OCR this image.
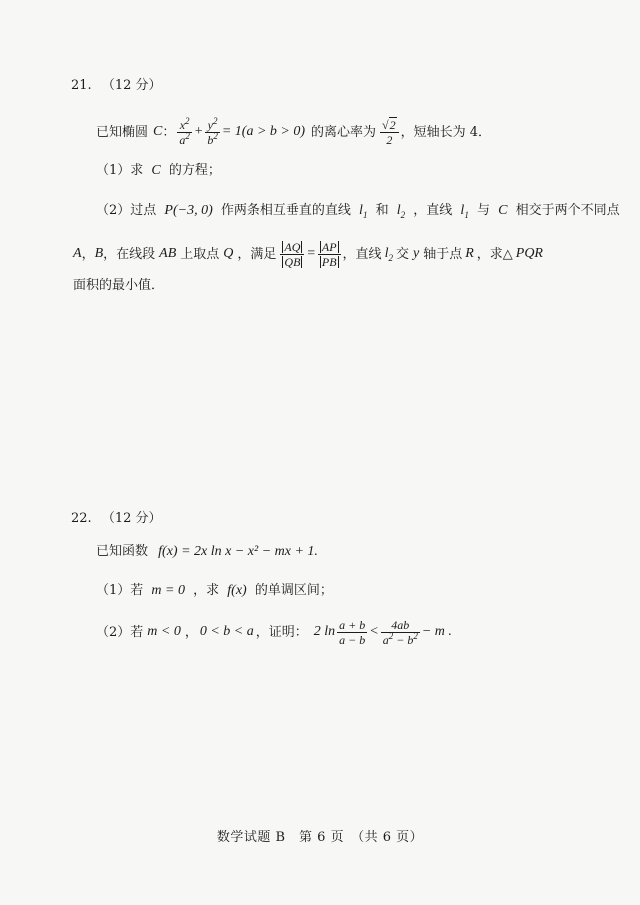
21. （12 分）
已知椭圆 C ： $\frac{x^2}{a^2} + \frac{y^2}{b^2} = 1(a > b > 0)$ 的离心率为 $\frac{√2}{2}$ ，短轴长为 4．
（1）求 C 的方程；
（2）过点 P(−3, 0) 作两条相互垂直的直线 $l_1$ 和 $l_2$ ，直线 $l_1$ 与 C 相交于两个不同点
A ， B ，在线段 AB 上取点 Q ，满足 $\frac{AQ}{QB} = \frac{AP}{PB}$ ，直线 $l_2$ 交 y 轴于点 R ，求△ PQR
面积的最小值．
22. （12 分）
已知函数 f(x) = 2x ln x − x² − mx + 1.
（1）若 m = 0 ，求 f(x) 的单调区间；
（2）若 m < 0 ， 0 < b < a ，证明： 2 $\ln \frac{a + b}{a - b} < \frac{4ab}{a^2 - b^2} - m$ .
数学试题 B　第 6 页　（共 6 页）
